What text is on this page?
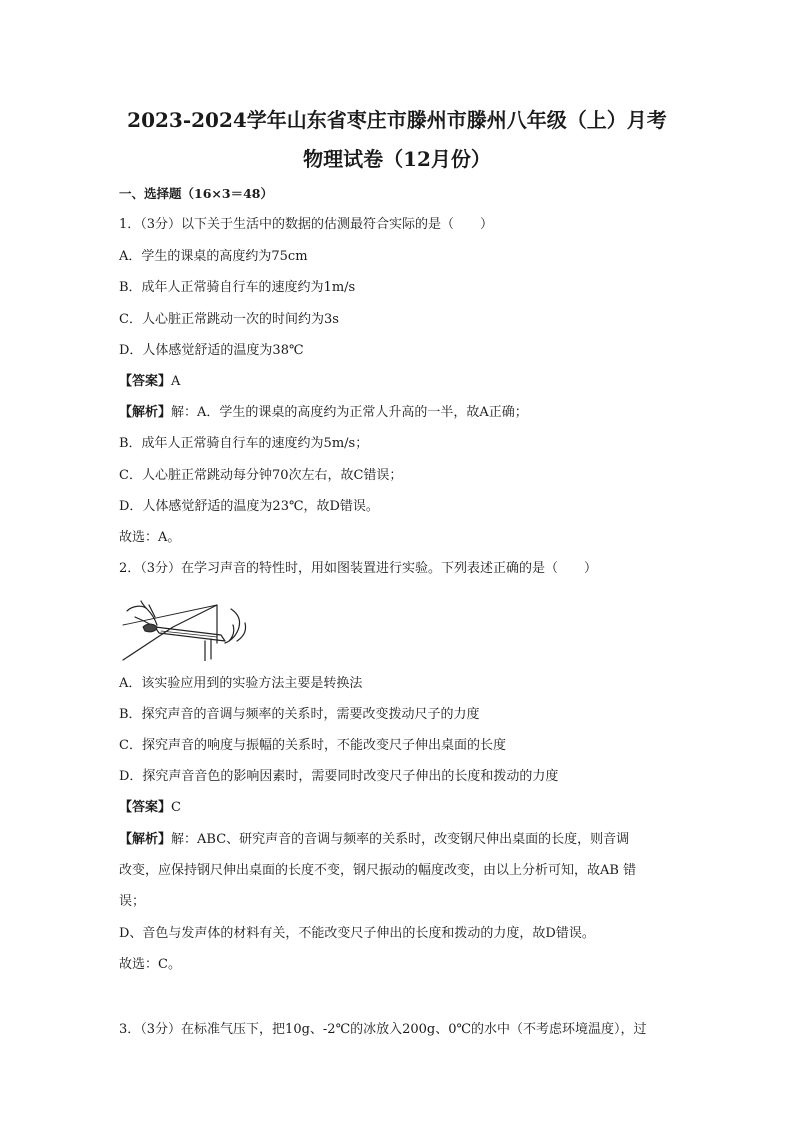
2023-2024学年山东省枣庄市滕州市滕州八年级（上）月考
物理试卷（12月份）
一、选择题（16×3＝48）
1．（3分）以下关于生活中的数据的估测最符合实际的是（　　）
A．学生的课桌的高度约为75cm
B．成年人正常骑自行车的速度约为1m/s
C．人心脏正常跳动一次的时间约为3s
D．人体感觉舒适的温度为38℃
【答案】A
【解析】解：A．学生的课桌的高度约为正常人升高的一半，故A正确；
B．成年人正常骑自行车的速度约为5m/s；
C．人心脏正常跳动每分钟70次左右，故C错误；
D．人体感觉舒适的温度为23℃，故D错误。
故选：A。
2．（3分）在学习声音的特性时，用如图装置进行实验。下列表述正确的是（　　）
A．该实验应用到的实验方法主要是转换法
B．探究声音的音调与频率的关系时，需要改变拨动尺子的力度
C．探究声音的响度与振幅的关系时，不能改变尺子伸出桌面的长度
D．探究声音音色的影响因素时，需要同时改变尺子伸出的长度和拨动的力度
【答案】C
【解析】解：ABC、研究声音的音调与频率的关系时，改变钢尺伸出桌面的长度，则音调
改变，应保持钢尺伸出桌面的长度不变，钢尺振动的幅度改变，由以上分析可知，故AB 错
误；
D、音色与发声体的材料有关，不能改变尺子伸出的长度和拨动的力度，故D错误。
故选：C。
3．（3分）在标准气压下，把10g、-2℃的冰放入200g、0℃的水中（不考虑环境温度），过
